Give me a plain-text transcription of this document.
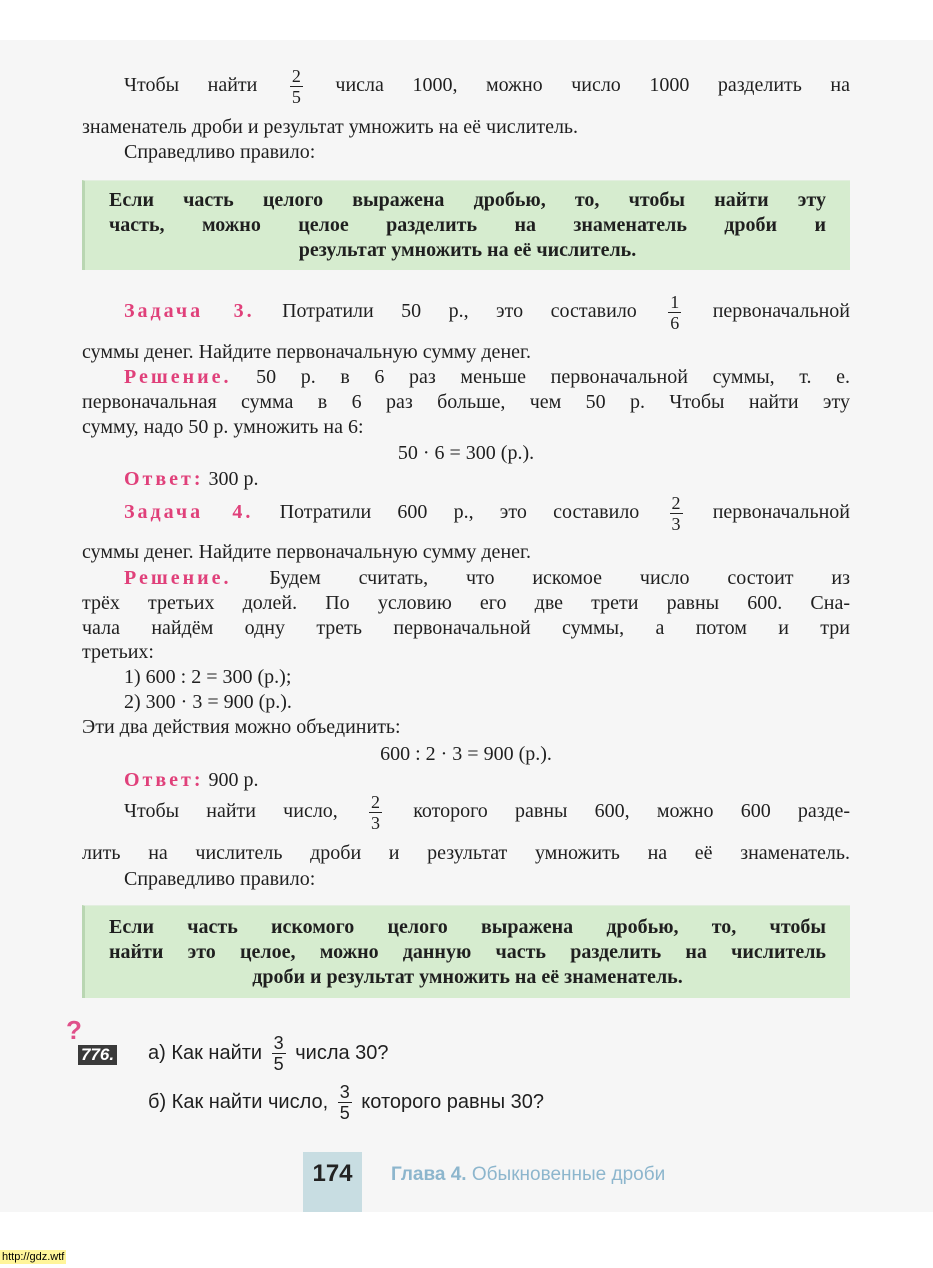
Чтобы найти $\frac{2}{5}$ числа 1000, можно число 1000 разделить на
знаменатель дроби и результат умножить на её числитель.
Справедливо правило:
Если часть целого выражена дробью, то, чтобы найти эту
часть, можно целое разделить на знаменатель дроби и
результат умножить на её числитель.
Задача 3. Потратили 50 р., это составило $\frac{1}{6}$ первоначальной
суммы денег. Найдите первоначальную сумму денег.
Решение. 50 р. в 6 раз меньше первоначальной суммы, т. е.
первоначальная сумма в 6 раз больше, чем 50 р. Чтобы найти эту
сумму, надо 50 р. умножить на 6:
50 · 6 = 300 (р.).
Ответ: 300 р.
Задача 4. Потратили 600 р., это составило $\frac{2}{3}$ первоначальной
суммы денег. Найдите первоначальную сумму денег.
Решение. Будем считать, что искомое число состоит из
трёх третьих долей. По условию его две трети равны 600. Сна-
чала найдём одну треть первоначальной суммы, а потом и три
третьих:
1) 600 : 2 = 300 (р.);
2) 300 · 3 = 900 (р.).
Эти два действия можно объединить:
600 : 2 · 3 = 900 (р.).
Ответ: 900 р.
Чтобы найти число, $\frac{2}{3}$ которого равны 600, можно 600 разде-
лить на числитель дроби и результат умножить на её знаменатель.
Справедливо правило:
Если часть искомого целого выражена дробью, то, чтобы
найти это целое, можно данную часть разделить на числитель
дроби и результат умножить на её знаменатель.
776.
?
а) Как найти $\frac{3}{5}$ числа 30?
б) Как найти число, $\frac{3}{5}$ которого равны 30?
174	Глава 4. Обыкновенные дроби
http://gdz.wtf
